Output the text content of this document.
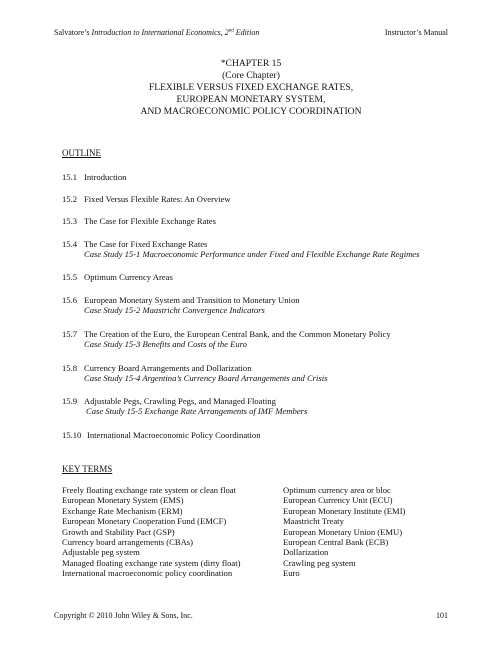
Salvatore’s Introduction to International Economics, 2nd Edition	Instructor’s Manual
*CHAPTER 15
(Core Chapter)
FLEXIBLE VERSUS FIXED EXCHANGE RATES,
EUROPEAN MONETARY SYSTEM,
AND MACROECONOMIC POLICY COORDINATION
OUTLINE
15.1 Introduction
15.2 Fixed Versus Flexible Rates: An Overview
15.3 The Case for Flexible Exchange Rates
15.4 The Case for Fixed Exchange Rates
Case Study 15-1 Macroeconomic Performance under Fixed and Flexible Exchange Rate Regimes
15.5 Optimum Currency Areas
15.6 European Monetary System and Transition to Monetary Union
Case Study 15-2 Maastricht Convergence Indicators
15.7 The Creation of the Euro, the European Central Bank, and the Common Monetary Policy
Case Study 15-3 Benefits and Costs of the Euro
15.8 Currency Board Arrangements and Dollarization
Case Study 15-4 Argentina’s Currency Board Arrangements and Crisis
15.9 Adjustable Pegs, Crawling Pegs, and Managed Floating
Case Study 15-5 Exchange Rate Arrangements of IMF Members
15.10 International Macroeconomic Policy Coordination
KEY TERMS
Freely floating exchange rate system or clean float
European Monetary System (EMS)
Exchange Rate Mechanism (ERM)
European Monetary Cooperation Fund (EMCF)
Growth and Stability Pact (GSP)
Currency board arrangements (CBAs)
Adjustable peg system
Managed floating exchange rate system (dirty float)
International macroeconomic policy coordination
Optimum currency area or bloc
European Currency Unit (ECU)
European Monetary Institute (EMI)
Maastricht Treaty
European Monetary Union (EMU)
European Central Bank (ECB)
Dollarization
Crawling peg system
Euro
Copyright © 2010 John Wiley & Sons, Inc.	101
